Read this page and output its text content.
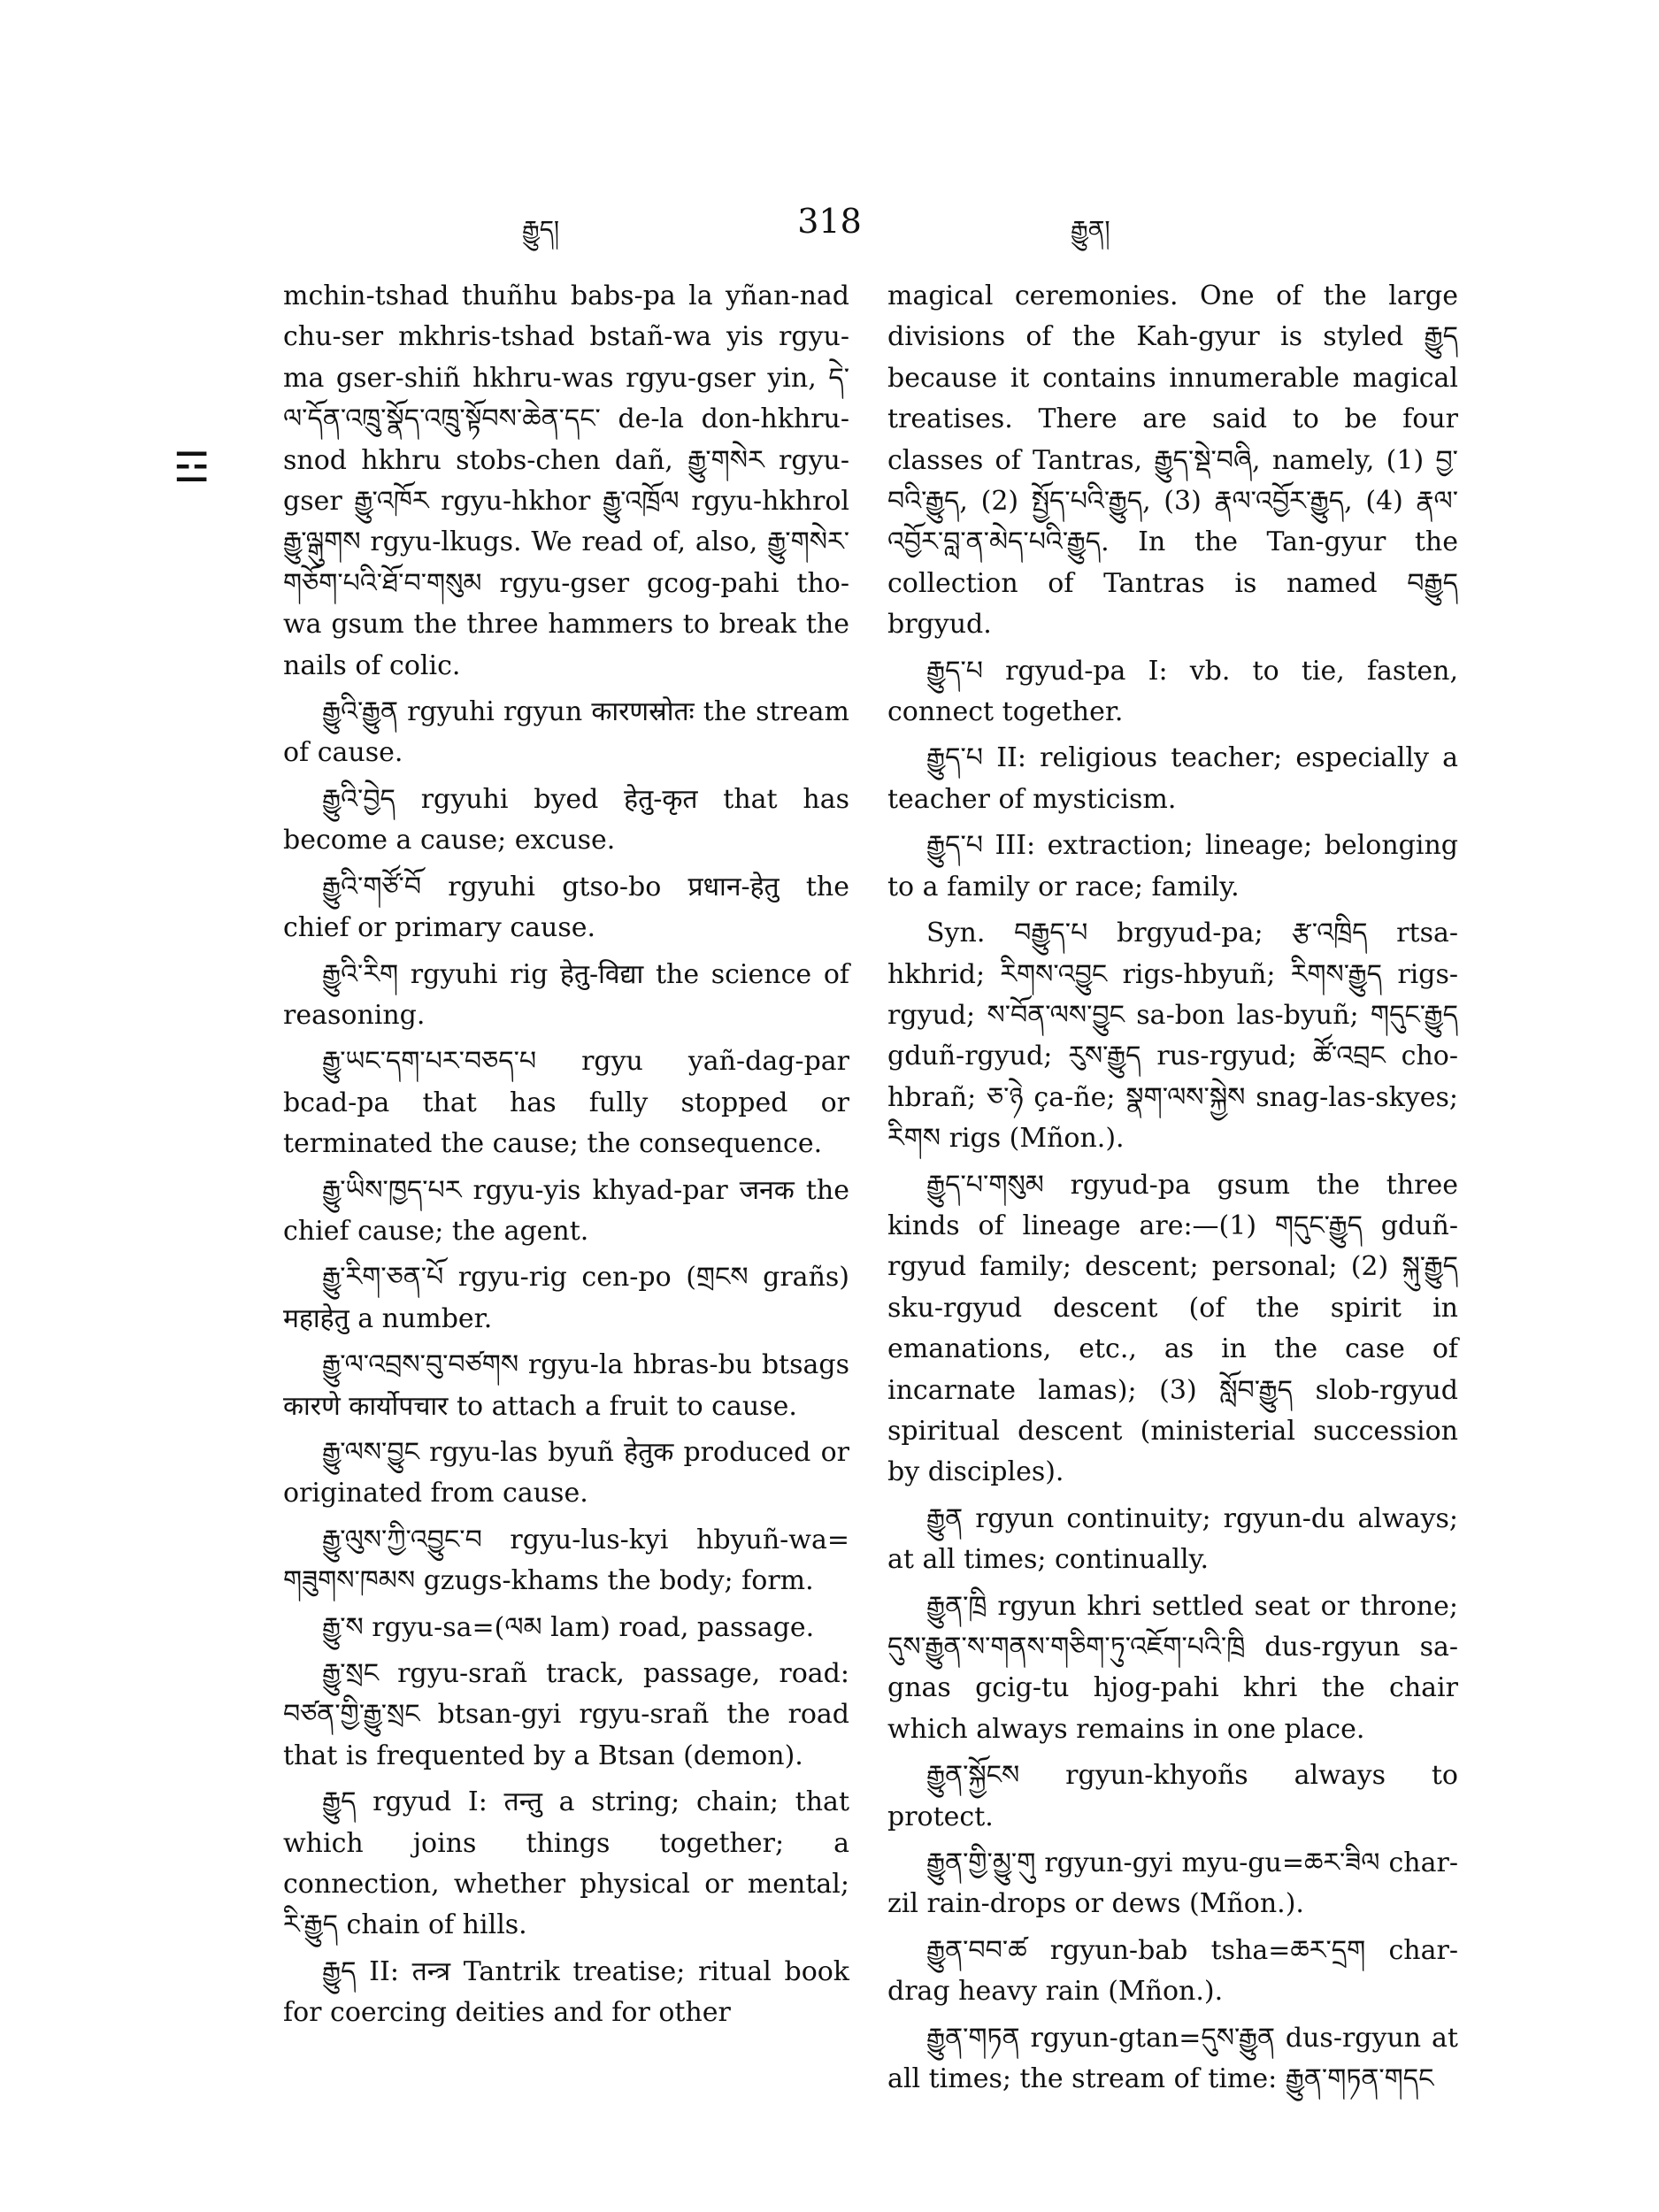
རྒྱུད།	318	རྒྱུན།
☲

mchin-tshad thuñhu babs-pa la yñan-nad chu-ser mkhris-tshad bstañ-wa yis rgyu-ma gser-shiñ hkhru-was rgyu-gser yin, དེ་ལ་དོན་འཁྲུ་སྣོད་འཁྲུ་སྟོབས་ཆེན་དང་ de-la don-hkhru-snod hkhru stobs-chen dañ, རྒྱུ་གསེར rgyu-gser རྒྱུ་འཁོར rgyu-hkhor རྒྱུ་འཁྲོལ rgyu-hkhrol རྒྱུ་ལྒུགས rgyu-lkugs. We read of, also, རྒྱུ་གསེར་གཅོག་པའི་ཐོ་བ་གསུམ rgyu-gser gcog-pahi tho-wa gsum the three hammers to break the nails of colic.

རྒྱུའི་རྒྱུན rgyuhi rgyun कारणस्रोतः the stream of cause.

རྒྱུའི་བྱེད rgyuhi byed हेतु-कृत that has become a cause; excuse.

རྒྱུའི་གཙོ་བོ rgyuhi gtso-bo प्रधान-हेतु the chief or primary cause.

རྒྱུའི་རིག rgyuhi rig हेतु-विद्या the science of reasoning.

རྒྱུ་ཡང་དག་པར་བཅད་པ rgyu yañ-dag-par bcad-pa that has fully stopped or terminated the cause; the consequence.

རྒྱུ་ཡིས་ཁྱད་པར rgyu-yis khyad-par जनक the chief cause; the agent.

རྒྱུ་རིག་ཅན་པོ rgyu-rig cen-po (གྲངས grañs) महाहेतु a number.

རྒྱུ་ལ་འབྲས་བུ་བཙགས rgyu-la hbras-bu btsags कारणे कार्योपचार to attach a fruit to cause.

རྒྱུ་ལས་བྱུང rgyu-las byuñ हेतुक produced or originated from cause.

རྒྱུ་ལུས་ཀྱི་འབྱུང་བ rgyu-lus-kyi hbyuñ-wa= གཟུགས་ཁམས gzugs-khams the body; form.

རྒྱུ་ས rgyu-sa=(ལམ lam) road, passage.

རྒྱུ་སྲང rgyu-srañ track, passage, road: བཙན་གྱི་རྒྱུ་སྲང btsan-gyi rgyu-srañ the road that is frequented by a Btsan (demon).

རྒྱུད rgyud I: तन्तु a string; chain; that which joins things together; a connection, whether physical or mental; རི་རྒྱུད chain of hills.

རྒྱུད II: तन्त्र Tantrik treatise; ritual book for coercing deities and for other

magical ceremonies. One of the large divisions of the Kah-gyur is styled རྒྱུད because it contains innumerable magical treatises. There are said to be four classes of Tantras, རྒྱུད་སྡེ་བཞི, namely, (1) བྱ་བའི་རྒྱུད, (2) སྤྱོད་པའི་རྒྱུད, (3) རྣལ་འབྱོར་རྒྱུད, (4) རྣལ་འབྱོར་བླ་ན་མེད་པའི་རྒྱུད. In the Tan-gyur the collection of Tantras is named བརྒྱུད brgyud.

རྒྱུད་པ rgyud-pa I: vb. to tie, fasten, connect together.

རྒྱུད་པ II: religious teacher; especially a teacher of mysticism.

རྒྱུད་པ III: extraction; lineage; belonging to a family or race; family.

Syn. བརྒྱུད་པ brgyud-pa; རྩ་འཁྲིད rtsa-hkhrid; རིགས་འབྱུང rigs-hbyuñ; རིགས་རྒྱུད rigs-rgyud; ས་བོན་ལས་བྱུང sa-bon las-byuñ; གདུང་རྒྱུད gduñ-rgyud; རུས་རྒྱུད rus-rgyud; ཚོ་འབྲང cho-hbrañ; ཅ་ཉེ ça-ñe; སྣག་ལས་སྐྱེས snag-las-skyes; རིགས rigs (Mñon.).

རྒྱུད་པ་གསུམ rgyud-pa gsum the three kinds of lineage are:—(1) གདུང་རྒྱུད gduñ-rgyud family; descent; personal; (2) སྐུ་རྒྱུད sku-rgyud descent (of the spirit in emanations, etc., as in the case of incarnate lamas); (3) སློབ་རྒྱུད slob-rgyud spiritual descent (ministerial succession by disciples).

རྒྱུན rgyun continuity; rgyun-du always; at all times; continually.

རྒྱུན་ཁྲི rgyun khri settled seat or throne; དུས་རྒྱུན་ས་གནས་གཅིག་ཏུ་འཇོག་པའི་ཁྲི dus-rgyun sa-gnas gcig-tu hjog-pahi khri the chair which always remains in one place.

རྒྱུན་སྐྱོངས rgyun-khyoñs always to protect.

རྒྱུན་གྱི་མྱུ་གུ rgyun-gyi myu-gu=ཆར་ཟིལ char-zil rain-drops or dews (Mñon.).

རྒྱུན་བབ་ཚ rgyun-bab tsha=ཆར་དྲག char-drag heavy rain (Mñon.).

རྒྱུན་གཏན rgyun-gtan=དུས་རྒྱུན dus-rgyun at all times; the stream of time: རྒྱུན་གཏན་གདང
